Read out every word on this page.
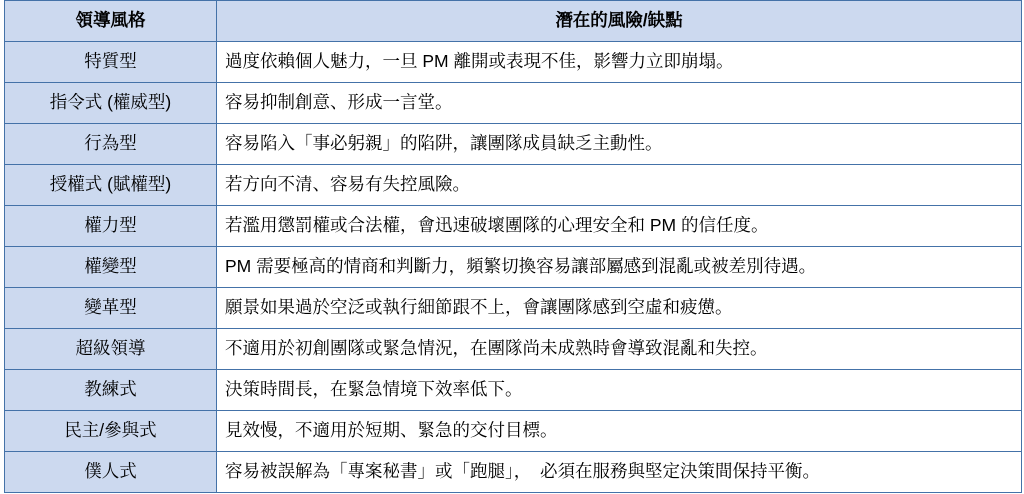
領導風格	潛在的風險/缺點
特質型	過度依賴個人魅力，一旦 PM 離開或表現不佳，影響力立即崩塌。
指令式 (權威型)	容易抑制創意、形成一言堂。
行為型	容易陷入「事必躬親」的陷阱，讓團隊成員缺乏主動性。
授權式 (賦權型)	若方向不清、容易有失控風險。
權力型	若濫用懲罰權或合法權，會迅速破壞團隊的心理安全和 PM 的信任度。
權變型	PM 需要極高的情商和判斷力，頻繁切換容易讓部屬感到混亂或被差別待遇。
變革型	願景如果過於空泛或執行細節跟不上，會讓團隊感到空虛和疲憊。
超級領導	不適用於初創團隊或緊急情況，在團隊尚未成熟時會導致混亂和失控。
教練式	決策時間長，在緊急情境下效率低下。
民主/參與式	見效慢，不適用於短期、緊急的交付目標。
僕人式	容易被誤解為「專案秘書」或「跑腿」，　必須在服務與堅定決策間保持平衡。
